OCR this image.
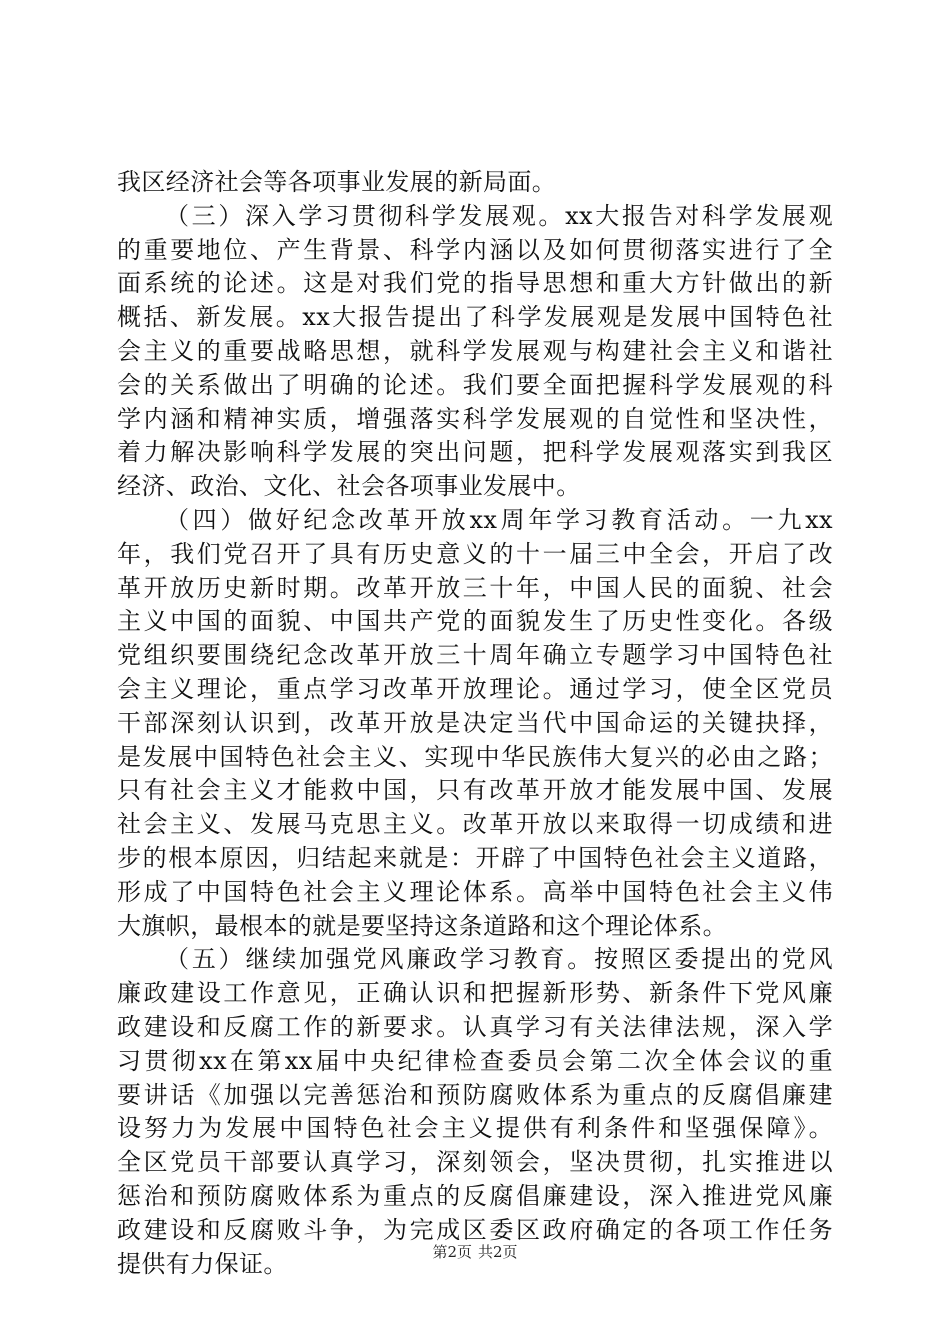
我区经济社会等各项事业发展的新局面。
（三）深入学习贯彻科学发展观。xx大报告对科学发展观
的重要地位、产生背景、科学内涵以及如何贯彻落实进行了全
面系统的论述。这是对我们党的指导思想和重大方针做出的新
概括、新发展。xx大报告提出了科学发展观是发展中国特色社
会主义的重要战略思想，就科学发展观与构建社会主义和谐社
会的关系做出了明确的论述。我们要全面把握科学发展观的科
学内涵和精神实质，增强落实科学发展观的自觉性和坚决性，
着力解决影响科学发展的突出问题，把科学发展观落实到我区
经济、政治、文化、社会各项事业发展中。
（四）做好纪念改革开放xx周年学习教育活动。一九xx
年，我们党召开了具有历史意义的十一届三中全会，开启了改
革开放历史新时期。改革开放三十年，中国人民的面貌、社会
主义中国的面貌、中国共产党的面貌发生了历史性变化。各级
党组织要围绕纪念改革开放三十周年确立专题学习中国特色社
会主义理论，重点学习改革开放理论。通过学习，使全区党员
干部深刻认识到，改革开放是决定当代中国命运的关键抉择，
是发展中国特色社会主义、实现中华民族伟大复兴的必由之路；
只有社会主义才能救中国，只有改革开放才能发展中国、发展
社会主义、发展马克思主义。改革开放以来取得一切成绩和进
步的根本原因，归结起来就是：开辟了中国特色社会主义道路，
形成了中国特色社会主义理论体系。高举中国特色社会主义伟
大旗帜，最根本的就是要坚持这条道路和这个理论体系。
（五）继续加强党风廉政学习教育。按照区委提出的党风
廉政建设工作意见，正确认识和把握新形势、新条件下党风廉
政建设和反腐工作的新要求。认真学习有关法律法规，深入学
习贯彻xx在第xx届中央纪律检查委员会第二次全体会议的重
要讲话《加强以完善惩治和预防腐败体系为重点的反腐倡廉建
设努力为发展中国特色社会主义提供有利条件和坚强保障》。
全区党员干部要认真学习，深刻领会，坚决贯彻，扎实推进以
惩治和预防腐败体系为重点的反腐倡廉建设，深入推进党风廉
政建设和反腐败斗争，为完成区委区政府确定的各项工作任务
提供有力保证。	第2页 共2页
